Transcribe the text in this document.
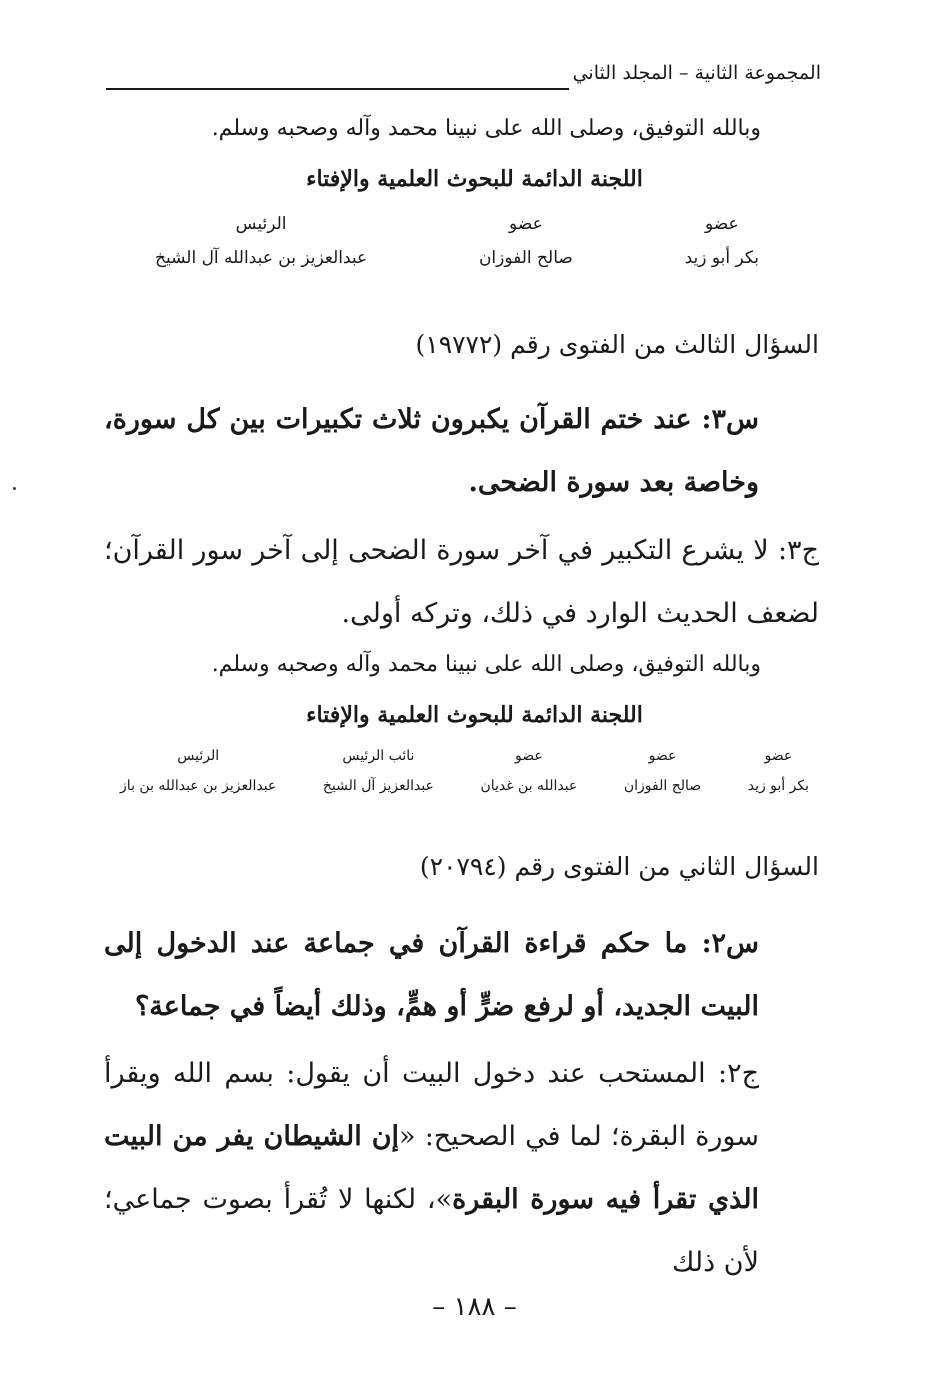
المجموعة الثانية – المجلد الثاني
وبالله التوفيق، وصلى الله على نبينا محمد وآله وصحبه وسلم.
اللجنة الدائمة للبحوث العلمية والإفتاء
عضو
بكر أبو زيد
عضو
صالح الفوزان
الرئيس
عبدالعزيز بن عبدالله آل الشيخ
السؤال الثالث من الفتوى رقم (١٩٧٧٢)
س٣: عند ختم القرآن يكبرون ثلاث تكبيرات بين كل سورة، وخاصة بعد سورة الضحى.
ج٣: لا يشرع التكبير في آخر سورة الضحى إلى آخر سور القرآن؛ لضعف الحديث الوارد في ذلك، وتركه أولى.
وبالله التوفيق، وصلى الله على نبينا محمد وآله وصحبه وسلم.
اللجنة الدائمة للبحوث العلمية والإفتاء
عضو
بكر أبو زيد
عضو
صالح الفوزان
عضو
عبدالله بن غديان
نائب الرئيس
عبدالعزيز آل الشيخ
الرئيس
عبدالعزيز بن عبدالله بن باز
السؤال الثاني من الفتوى رقم (٢٠٧٩٤)
س٢: ما حكم قراءة القرآن في جماعة عند الدخول إلى البيت الجديد، أو لرفع ضرٍّ أو همٍّ، وذلك أيضاً في جماعة؟
ج٢: المستحب عند دخول البيت أن يقول: بسم الله ويقرأ سورة البقرة؛ لما في الصحيح: «إن الشيطان يفر من البيت الذي تقرأ فيه سورة البقرة»، لكنها لا تُقرأ بصوت جماعي؛ لأن ذلك
– ١٨٨ –
